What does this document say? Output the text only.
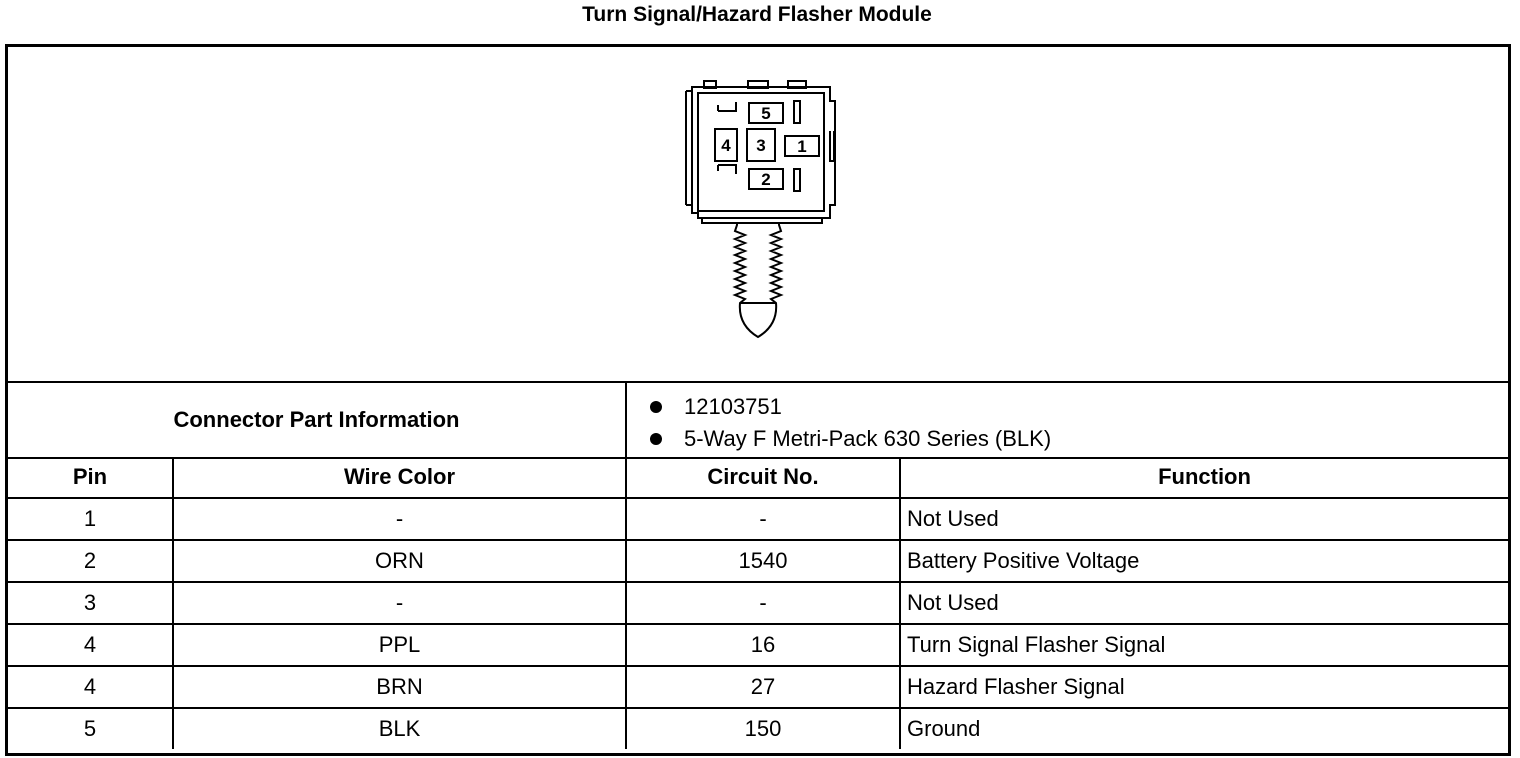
Turn Signal/Hazard Flasher Module
5
4 3 1
2
Connector Part Information
12103751
5-Way F Metri-Pack 630 Series (BLK)
Pin	Wire Color	Circuit No.	Function
1	-	-	Not Used
2	ORN	1540	Battery Positive Voltage
3	-	-	Not Used
4	PPL	16	Turn Signal Flasher Signal
4	BRN	27	Hazard Flasher Signal
5	BLK	150	Ground
